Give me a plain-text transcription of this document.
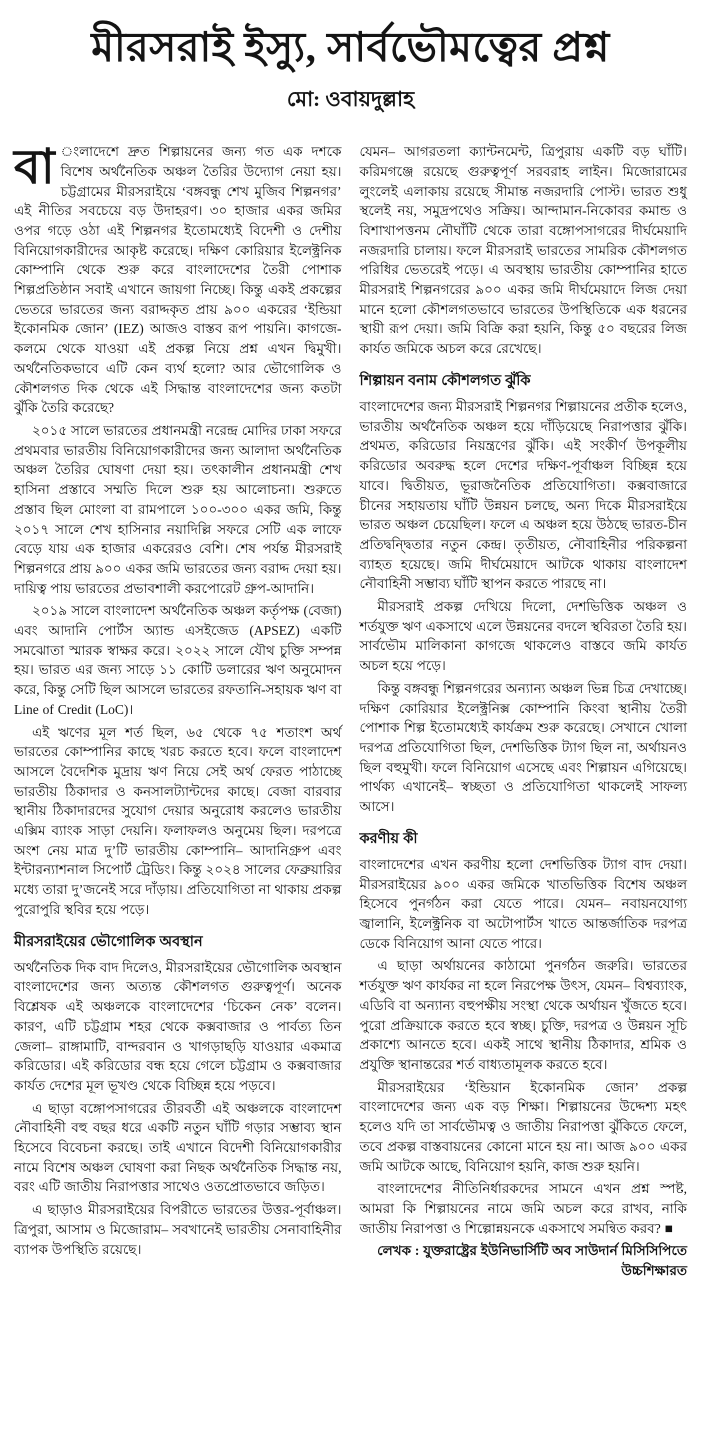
মীরসরাই ইস্যু, সার্বভৌমত্বের প্রশ্ন
মো: ওবায়দুল্লাহ

বা ংলাদেশে দ্রুত শিল্পায়নের জন্য গত এক দশকে বিশেষ অর্থনৈতিক অঞ্চল তৈরির উদ্যোগ নেয়া হয়। চট্টগ্রামের মীরসরাইয়ে ‘বঙ্গবন্ধু শেখ মুজিব শিল্পনগর’ এই নীতির সবচেয়ে বড় উদাহরণ। ৩০ হাজার একর জমির ওপর গড়ে ওঠা এই শিল্পনগর ইতোমধ্যেই বিদেশী ও দেশীয় বিনিয়োগকারীদের আকৃষ্ট করেছে। দক্ষিণ কোরিয়ার ইলেক্ট্রনিক কোম্পানি থেকে শুরু করে বাংলাদেশের তৈরী পোশাক শিল্পপ্রতিষ্ঠান সবাই এখানে জায়গা নিচ্ছে। কিন্তু একই প্রকল্পের ভেতরে ভারতের জন্য বরাদ্দকৃত প্রায় ৯০০ একরের ‘ইন্ডিয়া ইকোনমিক জোন’ (IEZ) আজও বাস্তব রূপ পায়নি। কাগজে-কলমে থেকে যাওয়া এই প্রকল্প নিয়ে প্রশ্ন এখন দ্বিমুখী। অর্থনৈতিকভাবে এটি কেন ব্যর্থ হলো? আর ভৌগোলিক ও কৌশলগত দিক থেকে এই সিদ্ধান্ত বাংলাদেশের জন্য কতটা ঝুঁকি তৈরি করেছে?

২০১৫ সালে ভারতের প্রধানমন্ত্রী নরেন্দ্র মোদির ঢাকা সফরে প্রথমবার ভারতীয় বিনিয়োগকারীদের জন্য আলাদা অর্থনৈতিক অঞ্চল তৈরির ঘোষণা দেয়া হয়। তৎকালীন প্রধানমন্ত্রী শেখ হাসিনা প্রস্তাবে সম্মতি দিলে শুরু হয় আলোচনা। শুরুতে প্রস্তাব ছিল মোংলা বা রামপালে ১০০-৩০০ একর জমি, কিন্তু ২০১৭ সালে শেখ হাসিনার নয়াদিল্লি সফরে সেটি এক লাফে বেড়ে যায় এক হাজার একরেরও বেশি। শেষ পর্যন্ত মীরসরাই শিল্পনগরে প্রায় ৯০০ একর জমি ভারতের জন্য বরাদ্দ দেয়া হয়। দায়িত্ব পায় ভারতের প্রভাবশালী করপোরেট গ্রুপ-আদানি।

২০১৯ সালে বাংলাদেশ অর্থনৈতিক অঞ্চল কর্তৃপক্ষ (বেজা) এবং আদানি পোর্টস অ্যান্ড এসইজেড (APSEZ) একটি সমঝোতা স্মারক স্বাক্ষর করে। ২০২২ সালে যৌথ চুক্তি সম্পন্ন হয়। ভারত এর জন্য সাড়ে ১১ কোটি ডলারের ঋণ অনুমোদন করে, কিন্তু সেটি ছিল আসলে ভারতের রফতানি-সহায়ক ঋণ বা Line of Credit (LoC)।

এই ঋণের মূল শর্ত ছিল, ৬৫ থেকে ৭৫ শতাংশ অর্থ ভারতের কোম্পানির কাছে খরচ করতে হবে। ফলে বাংলাদেশ আসলে বৈদেশিক মুদ্রায় ঋণ নিয়ে সেই অর্থ ফেরত পাঠাচ্ছে ভারতীয় ঠিকাদার ও কনসালট্যান্টদের কাছে। বেজা বারবার স্থানীয় ঠিকাদারদের সুযোগ দেয়ার অনুরোধ করলেও ভারতীয় এক্সিম ব্যাংক সাড়া দেয়নি। ফলাফলও অনুমেয় ছিল। দরপত্রে অংশ নেয় মাত্র দু’টি ভারতীয় কোম্পানি– আদানিগ্রুপ এবং ইন্টারন্যাশনাল সিপোর্ট ট্রেডিং। কিন্তু ২০২৪ সালের ফেব্রুয়ারির মধ্যে তারা দু’জনেই সরে দাঁড়ায়। প্রতিযোগিতা না থাকায় প্রকল্প পুরোপুরি স্থবির হয়ে পড়ে।

মীরসরাইয়ের ভৌগোলিক অবস্থান

অর্থনৈতিক দিক বাদ দিলেও, মীরসরাইয়ের ভৌগোলিক অবস্থান বাংলাদেশের জন্য অত্যন্ত কৌশলগত গুরুত্বপূর্ণ। অনেক বিশ্লেষক এই অঞ্চলকে বাংলাদেশের ‘চিকেন নেক’ বলেন। কারণ, এটি চট্টগ্রাম শহর থেকে কক্সবাজার ও পার্বত্য তিন জেলা– রাঙ্গামাটি, বান্দরবান ও খাগড়াছড়ি যাওয়ার একমাত্র করিডোর। এই করিডোর বন্ধ হয়ে গেলে চট্টগ্রাম ও কক্সবাজার কার্যত দেশের মূল ভূখণ্ড থেকে বিচ্ছিন্ন হয়ে পড়বে।

এ ছাড়া বঙ্গোপসাগরের তীরবর্তী এই অঞ্চলকে বাংলাদেশ নৌবাহিনী বহু বছর ধরে একটি নতুন ঘাঁটি গড়ার সম্ভাব্য স্থান হিসেবে বিবেচনা করছে। তাই এখানে বিদেশী বিনিয়োগকারীর নামে বিশেষ অঞ্চল ঘোষণা করা নিছক অর্থনৈতিক সিদ্ধান্ত নয়, বরং এটি জাতীয় নিরাপত্তার সাথেও ওতপ্রোতভাবে জড়িত।

এ ছাড়াও মীরসরাইয়ের বিপরীতে ভারতের উত্তর-পূর্বাঞ্চল। ত্রিপুরা, আসাম ও মিজোরাম– সবখানেই ভারতীয় সেনাবাহিনীর ব্যাপক উপস্থিতি রয়েছে।

যেমন– আগরতলা ক্যান্টনমেন্ট, ত্রিপুরায় একটি বড় ঘাঁটি। করিমগঞ্জে রয়েছে গুরুত্বপূর্ণ সরবরাহ লাইন। মিজোরামের লুংলেই এলাকায় রয়েছে সীমান্ত নজরদারি পোস্ট। ভারত শুধু স্থলেই নয়, সমুদ্রপথেও সক্রিয়। আন্দামান-নিকোবর কমান্ড ও বিশাখাপত্তনম নৌঘাঁটি থেকে তারা বঙ্গোপসাগরের দীর্ঘমেয়াদি নজরদারি চালায়। ফলে মীরসরাই ভারতের সামরিক কৌশলগত পরিধির ভেতরেই পড়ে। এ অবস্থায় ভারতীয় কোম্পানির হাতে মীরসরাই শিল্পনগরের ৯০০ একর জমি দীর্ঘমেয়াদে লিজ দেয়া মানে হলো কৌশলগতভাবে ভারতের উপস্থিতিকে এক ধরনের স্থায়ী রূপ দেয়া। জমি বিক্রি করা হয়নি, কিন্তু ৫০ বছরের লিজ কার্যত জমিকে অচল করে রেখেছে।

শিল্পায়ন বনাম কৌশলগত ঝুঁকি

বাংলাদেশের জন্য মীরসরাই শিল্পনগর শিল্পায়নের প্রতীক হলেও, ভারতীয় অর্থনৈতিক অঞ্চল হয়ে দাঁড়িয়েছে নিরাপত্তার ঝুঁকি। প্রথমত, করিডোর নিয়ন্ত্রণের ঝুঁকি। এই সংকীর্ণ উপকূলীয় করিডোর অবরুদ্ধ হলে দেশের দক্ষিণ-পূর্বাঞ্চল বিচ্ছিন্ন হয়ে যাবে। দ্বিতীয়ত, ভূরাজনৈতিক প্রতিযোগিতা। কক্সবাজারে চীনের সহায়তায় ঘাঁটি উন্নয়ন চলছে, অন্য দিকে মীরসরাইয়ে ভারত অঞ্চল চেয়েছিল। ফলে এ অঞ্চল হয়ে উঠছে ভারত-চীন প্রতিদ্বন্দ্বিতার নতুন কেন্দ্র। তৃতীয়ত, নৌবাহিনীর পরিকল্পনা ব্যাহত হয়েছে। জমি দীর্ঘমেয়াদে আটকে থাকায় বাংলাদেশ নৌবাহিনী সম্ভাব্য ঘাঁটি স্থাপন করতে পারছে না।

মীরসরাই প্রকল্প দেখিয়ে দিলো, দেশভিত্তিক অঞ্চল ও শর্তযুক্ত ঋণ একসাথে এলে উন্নয়নের বদলে স্থবিরতা তৈরি হয়। সার্বভৌম মালিকানা কাগজে থাকলেও বাস্তবে জমি কার্যত অচল হয়ে পড়ে।

কিন্তু বঙ্গবন্ধু শিল্পনগরের অন্যান্য অঞ্চল ভিন্ন চিত্র দেখাচ্ছে। দক্ষিণ কোরিয়ার ইলেক্ট্রনিক্স কোম্পানি কিংবা স্থানীয় তৈরী পোশাক শিল্প ইতোমধ্যেই কার্যক্রম শুরু করেছে। সেখানে খোলা দরপত্র প্রতিযোগিতা ছিল, দেশভিত্তিক ট্যাগ ছিল না, অর্থায়নও ছিল বহুমুখী। ফলে বিনিয়োগ এসেছে এবং শিল্পায়ন এগিয়েছে। পার্থক্য এখানেই– স্বচ্ছতা ও প্রতিযোগিতা থাকলেই সাফল্য আসে।

করণীয় কী

বাংলাদেশের এখন করণীয় হলো দেশভিত্তিক ট্যাগ বাদ দেয়া। মীরসরাইয়ের ৯০০ একর জমিকে খাতভিত্তিক বিশেষ অঞ্চল হিসেবে পুনর্গঠন করা যেতে পারে। যেমন– নবায়নযোগ্য জ্বালানি, ইলেক্ট্রনিক বা অটোপার্টস খাতে আন্তর্জাতিক দরপত্র ডেকে বিনিয়োগ আনা যেতে পারে।

এ ছাড়া অর্থায়নের কাঠামো পুনর্গঠন জরুরি। ভারতের শর্তযুক্ত ঋণ কার্যকর না হলে নিরপেক্ষ উৎস, যেমন– বিশ্বব্যাংক, এডিবি বা অন্যান্য বহুপক্ষীয় সংস্থা থেকে অর্থায়ন খুঁজতে হবে। পুরো প্রক্রিয়াকে করতে হবে স্বচ্ছ। চুক্তি, দরপত্র ও উন্নয়ন সূচি প্রকাশ্যে আনতে হবে। একই সাথে স্থানীয় ঠিকাদার, শ্রমিক ও প্রযুক্তি স্থানান্তরের শর্ত বাধ্যতামূলক করতে হবে।

মীরসরাইয়ের ‘ইন্ডিয়ান ইকোনমিক জোন’ প্রকল্প বাংলাদেশের জন্য এক বড় শিক্ষা। শিল্পায়নের উদ্দেশ্য মহৎ হলেও যদি তা সার্বভৌমত্ব ও জাতীয় নিরাপত্তা ঝুঁকিতে ফেলে, তবে প্রকল্প বাস্তবায়নের কোনো মানে হয় না। আজ ৯০০ একর জমি আটকে আছে, বিনিয়োগ হয়নি, কাজ শুরু হয়নি।

বাংলাদেশের নীতিনির্ধারকদের সামনে এখন প্রশ্ন স্পষ্ট, আমরা কি শিল্পায়নের নামে জমি অচল করে রাখব, নাকি জাতীয় নিরাপত্তা ও শিল্পোন্নয়নকে একসাথে সমন্বিত করব? ■

লেখক : যুক্তরাষ্ট্রের ইউনিভার্সিটি অব সাউদার্ন মিসিসিপিতে উচ্চশিক্ষারত
